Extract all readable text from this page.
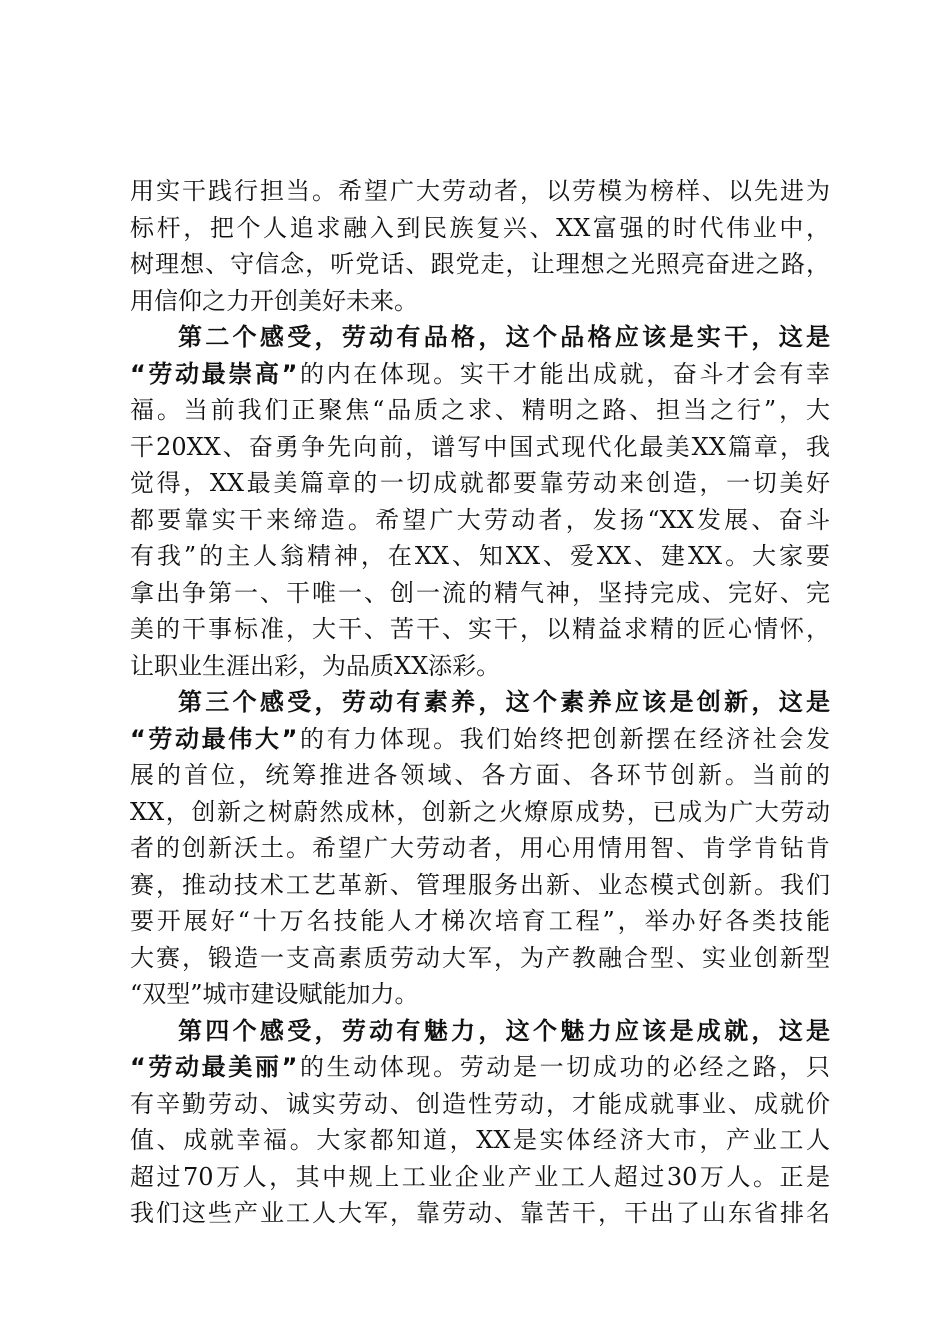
用实干践行担当。希望广大劳动者，以劳模为榜样、以先进为
标杆，把个人追求融入到民族复兴、XX富强的时代伟业中，
树理想、守信念，听党话、跟党走，让理想之光照亮奋进之路，
用信仰之力开创美好未来。
第二个感受，劳动有品格，这个品格应该是实干，这是
“劳动最崇高”的内在体现。实干才能出成就，奋斗才会有幸
福。当前我们正聚焦“品质之求、精明之路、担当之行”，大
干20XX、奋勇争先向前，谱写中国式现代化最美XX篇章，我
觉得，XX最美篇章的一切成就都要靠劳动来创造，一切美好
都要靠实干来缔造。希望广大劳动者，发扬“XX发展、奋斗
有我”的主人翁精神，在XX、知XX、爱XX、建XX。大家要
拿出争第一、干唯一、创一流的精气神，坚持完成、完好、完
美的干事标准，大干、苦干、实干，以精益求精的匠心情怀，
让职业生涯出彩，为品质XX添彩。
第三个感受，劳动有素养，这个素养应该是创新，这是
“劳动最伟大”的有力体现。我们始终把创新摆在经济社会发
展的首位，统筹推进各领域、各方面、各环节创新。当前的
XX，创新之树蔚然成林，创新之火燎原成势，已成为广大劳动
者的创新沃土。希望广大劳动者，用心用情用智、肯学肯钻肯
赛，推动技术工艺革新、管理服务出新、业态模式创新。我们
要开展好“十万名技能人才梯次培育工程”，举办好各类技能
大赛，锻造一支高素质劳动大军，为产教融合型、实业创新型
“双型”城市建设赋能加力。
第四个感受，劳动有魅力，这个魅力应该是成就，这是
“劳动最美丽”的生动体现。劳动是一切成功的必经之路，只
有辛勤劳动、诚实劳动、创造性劳动，才能成就事业、成就价
值、成就幸福。大家都知道，XX是实体经济大市，产业工人
超过70万人，其中规上工业企业产业工人超过30万人。正是
我们这些产业工人大军，靠劳动、靠苦干，干出了山东省排名
